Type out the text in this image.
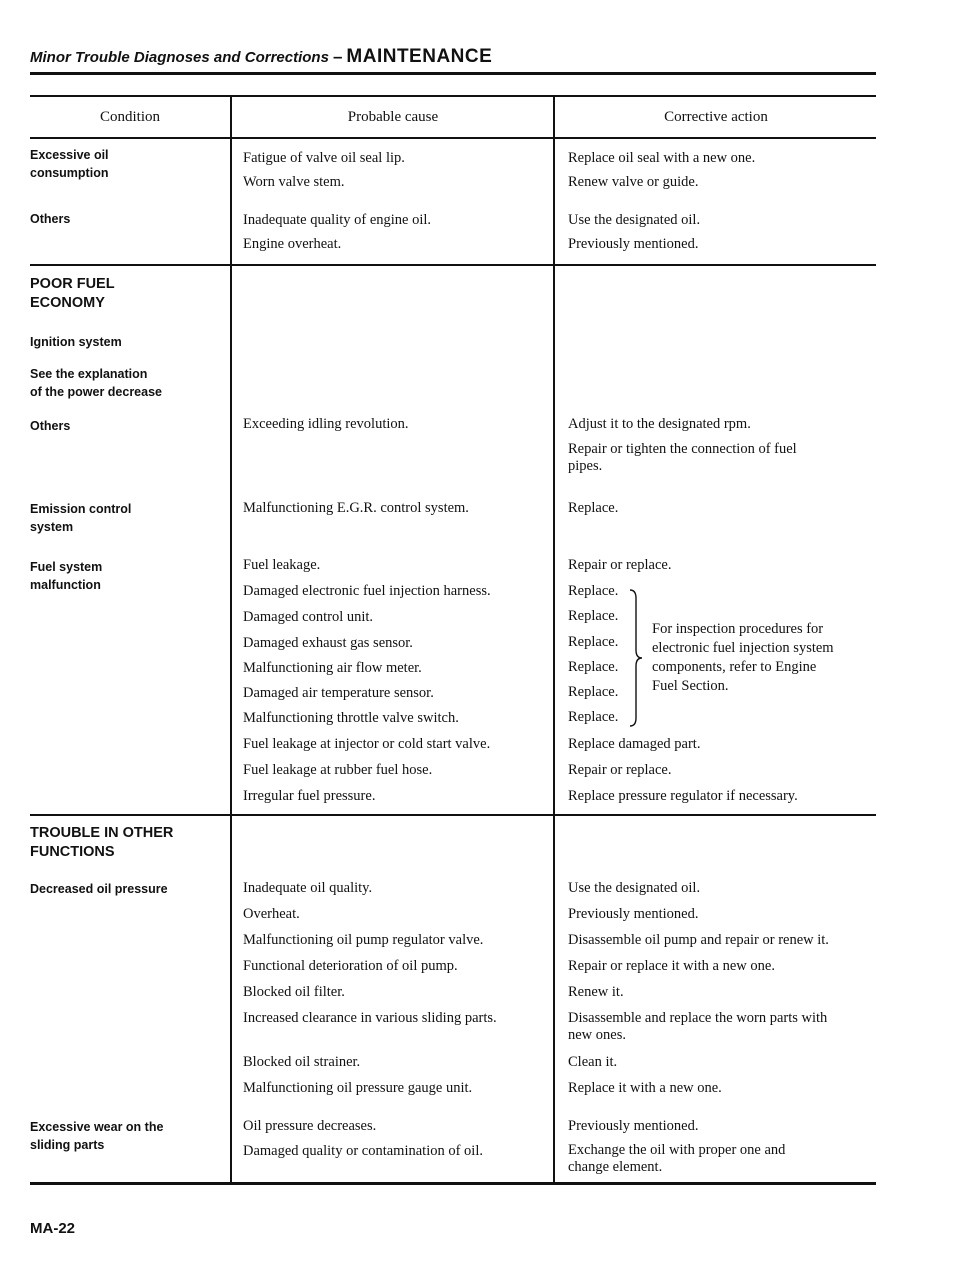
Minor Trouble Diagnoses and Corrections – MAINTENANCE
Condition	Probable cause	Corrective action
Excessive oil
consumption
Others
Fatigue of valve oil seal lip.
Worn valve stem.
Inadequate quality of engine oil.
Engine overheat.
Replace oil seal with a new one.
Renew valve or guide.
Use the designated oil.
Previously mentioned.
POOR FUEL
ECONOMY
Ignition system
See the explanation
of the power decrease
Others
Emission control
system
Fuel system
malfunction
Exceeding idling revolution.
Malfunctioning E.G.R. control system.
Fuel leakage.
Damaged electronic fuel injection harness.
Damaged control unit.
Damaged exhaust gas sensor.
Malfunctioning air flow meter.
Damaged air temperature sensor.
Malfunctioning throttle valve switch.
Fuel leakage at injector or cold start valve.
Fuel leakage at rubber fuel hose.
Irregular fuel pressure.
Adjust it to the designated rpm.
Repair or tighten the connection of fuel
pipes.
Replace.
Repair or replace.
Replace.
Replace.
Replace.
Replace.
Replace.
Replace.
For inspection procedures for
electronic fuel injection system
components, refer to Engine
Fuel Section.
Replace damaged part.
Repair or replace.
Replace pressure regulator if necessary.
TROUBLE IN OTHER
FUNCTIONS
Decreased oil pressure
Excessive wear on the
sliding parts
Inadequate oil quality.
Overheat.
Malfunctioning oil pump regulator valve.
Functional deterioration of oil pump.
Blocked oil filter.
Increased clearance in various sliding parts.
Blocked oil strainer.
Malfunctioning oil pressure gauge unit.
Oil pressure decreases.
Damaged quality or contamination of oil.
Use the designated oil.
Previously mentioned.
Disassemble oil pump and repair or renew it.
Repair or replace it with a new one.
Renew it.
Disassemble and replace the worn parts with
new ones.
Clean it.
Replace it with a new one.
Previously mentioned.
Exchange the oil with proper one and
change element.
MA-22
